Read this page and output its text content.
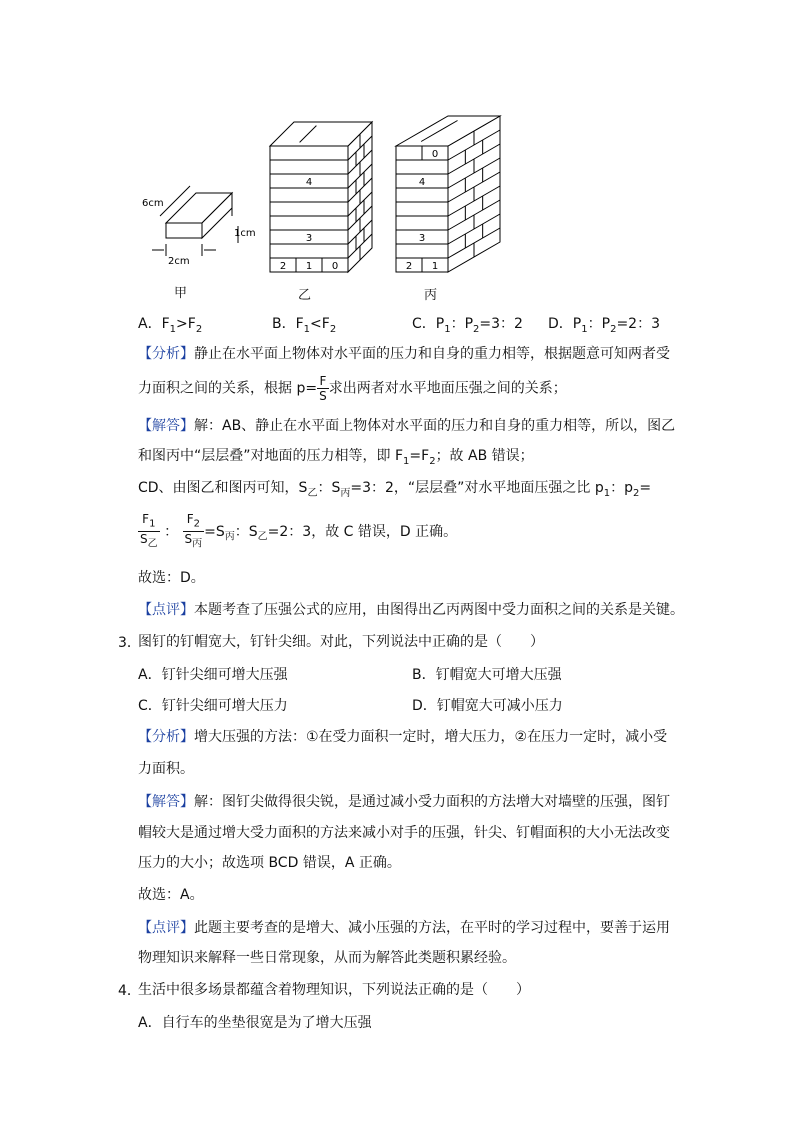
6cm
2cm
1cm
4
3
2 1 0
0
4
3
2 1
甲	乙	丙
A．$F_1>F_2$	B．$F_1<F_2$	C．$P_1$：$P_2=3$：2 D．$P_1$：$P_2=2$：3
【分析】静止在水平面上物体对水平面的压力和自身的重力相等，根据题意可知两者受
力面积之间的关系，根据 $p= \frac{F}{S}$ 求出两者对水平地面压强之间的关系；
【解答】解：AB、静止在水平面上物体对水平面的压力和自身的重力相等，所以，图乙
和图丙中“层层叠”对地面的压力相等，即 $F_1=F_2$；故 AB 错误；
CD、由图乙和图丙可知，$S_乙$：$S_丙=3$：2，“层层叠”对水平地面压强之比 $p_1$：$p_2=$
$\frac{F_1}{S_乙}$ ： $\frac{F_2}{S_丙} =S_丙$：$S_乙=2$：3，故 C 错误，D 正确。
故选：D。
【点评】本题考查了压强公式的应用，由图得出乙丙两图中受力面积之间的关系是关键。
3．
图钉的钉帽宽大，钉针尖细。对此，下列说法中正确的是（　　）
A．钉针尖细可增大压强	B．钉帽宽大可增大压强
C．钉针尖细可增大压力	D．钉帽宽大可减小压力
【分析】增大压强的方法：①在受力面积一定时，增大压力，②在压力一定时，减小受
力面积。
【解答】解：图钉尖做得很尖锐，是通过减小受力面积的方法增大对墙壁的压强，图钉
帽较大是通过增大受力面积的方法来减小对手的压强，针尖、钉帽面积的大小无法改变
压力的大小；故选项 BCD 错误，A 正确。
故选：A。
【点评】此题主要考查的是增大、减小压强的方法，在平时的学习过程中，要善于运用
物理知识来解释一些日常现象，从而为解答此类题积累经验。
4．
生活中很多场景都蕴含着物理知识，下列说法正确的是（　　）
A．自行车的坐垫很宽是为了增大压强
